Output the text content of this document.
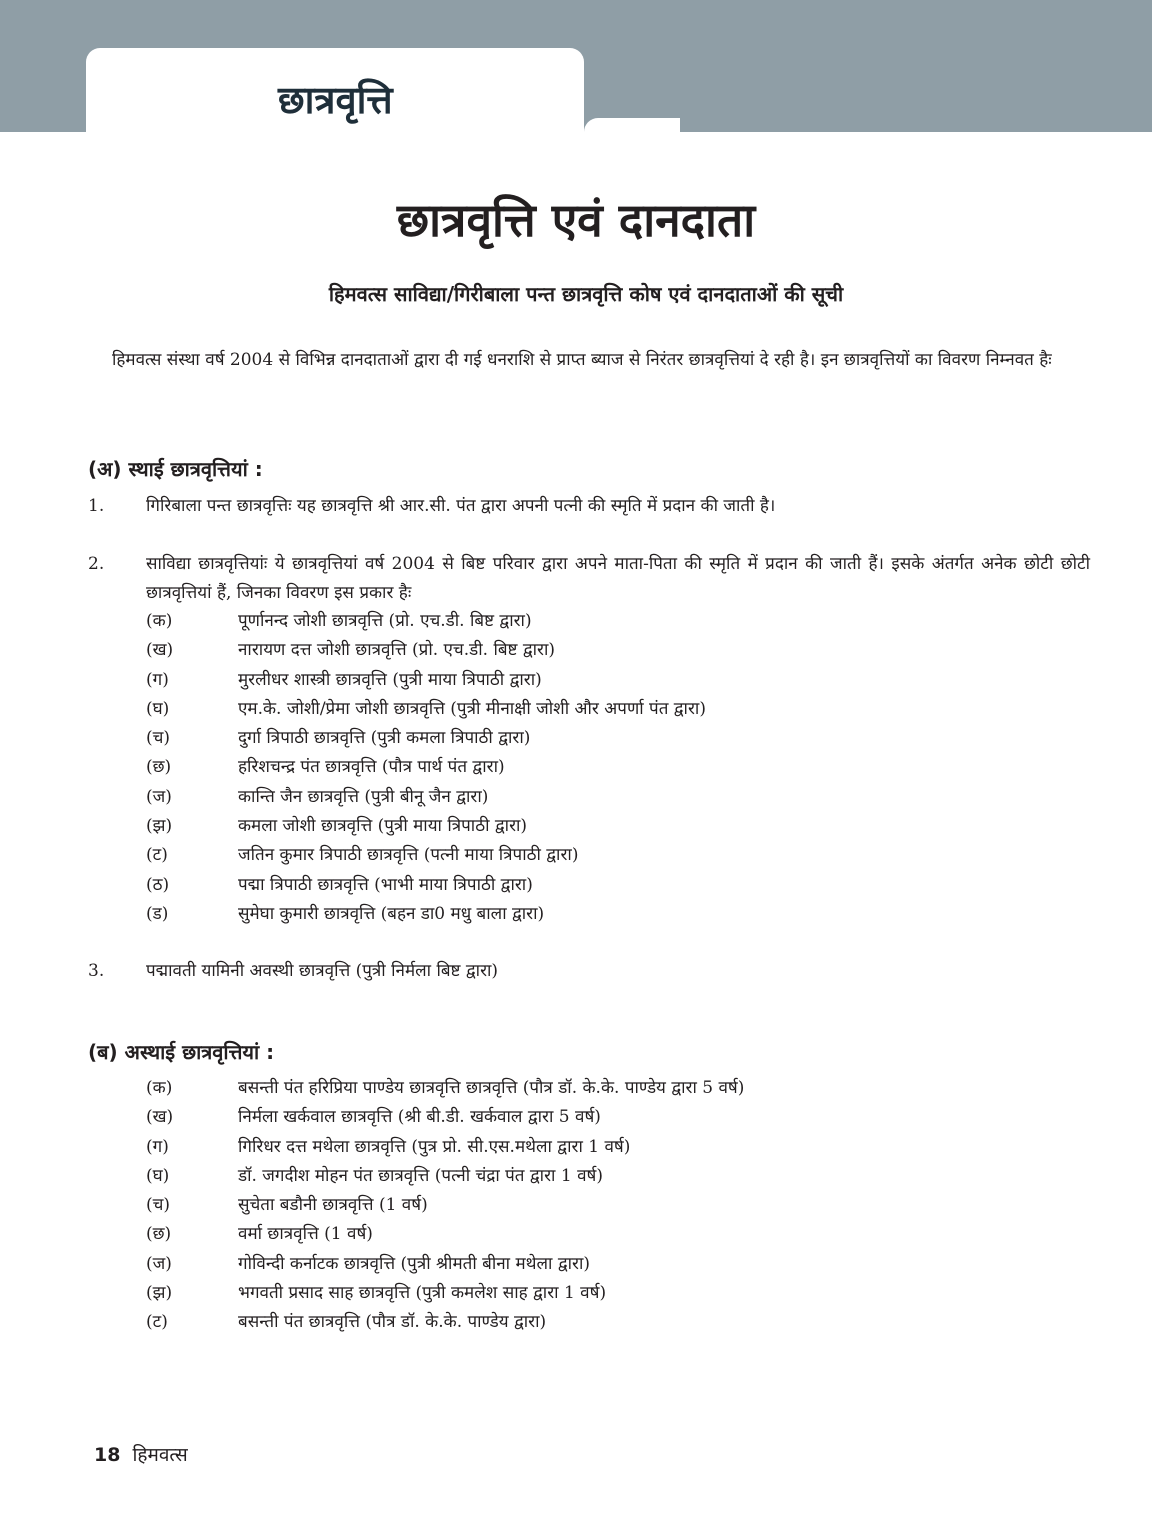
छात्रवृत्ति
छात्रवृत्ति एवं दानदाता
हिमवत्स साविद्या/गिरीबाला पन्त छात्रवृत्ति कोष एवं दानदाताओं की सूची

हिमवत्स संस्था वर्ष 2004 से विभिन्न दानदाताओं द्वारा दी गई धनराशि से प्राप्त ब्याज से निरंतर छात्रवृत्तियां दे रही है। इन छात्रवृत्तियों का विवरण निम्नवत हैः

(अ) स्थाई छात्रवृत्तियां :
1. गिरिबाला पन्त छात्रवृत्तिः यह छात्रवृत्ति श्री आर.सी. पंत द्वारा अपनी पत्नी की स्मृति में प्रदान की जाती है।
2. साविद्या छात्रवृत्तियांः ये छात्रवृत्तियां वर्ष 2004 से बिष्ट परिवार द्वारा अपने माता-पिता की स्मृति में प्रदान की जाती हैं। इसके अंतर्गत अनेक छोटी छोटी छात्रवृत्तियां हैं, जिनका विवरण इस प्रकार हैः
(क)	पूर्णानन्द जोशी छात्रवृत्ति (प्रो. एच.डी. बिष्ट द्वारा)
(ख)	नारायण दत्त जोशी छात्रवृत्ति (प्रो. एच.डी. बिष्ट द्वारा)
(ग)	मुरलीधर शास्त्री छात्रवृत्ति (पुत्री माया त्रिपाठी द्वारा)
(घ)	एम.के. जोशी/प्रेमा जोशी छात्रवृत्ति (पुत्री मीनाक्षी जोशी और अपर्णा पंत द्वारा)
(च)	दुर्गा त्रिपाठी छात्रवृत्ति (पुत्री कमला त्रिपाठी द्वारा)
(छ)	हरिशचन्द्र पंत छात्रवृत्ति (पौत्र पार्थ पंत द्वारा)
(ज)	कान्ति जैन छात्रवृत्ति (पुत्री बीनू जैन द्वारा)
(झ)	कमला जोशी छात्रवृत्ति (पुत्री माया त्रिपाठी द्वारा)
(ट)	जतिन कुमार त्रिपाठी छात्रवृत्ति (पत्नी माया त्रिपाठी द्वारा)
(ठ)	पद्मा त्रिपाठी छात्रवृत्ति (भाभी माया त्रिपाठी द्वारा)
(ड)	सुमेघा कुमारी छात्रवृत्ति (बहन डा0 मधु बाला द्वारा)
3. पद्मावती यामिनी अवस्थी छात्रवृत्ति (पुत्री निर्मला बिष्ट द्वारा)
(ब) अस्थाई छात्रवृत्तियां :
(क)	बसन्ती पंत हरिप्रिया पाण्डेय छात्रवृत्ति छात्रवृत्ति (पौत्र डॉ. के.के. पाण्डेय द्वारा 5 वर्ष)
(ख)	निर्मला खर्कवाल छात्रवृत्ति (श्री बी.डी. खर्कवाल द्वारा 5 वर्ष)
(ग)	गिरिधर दत्त मथेला छात्रवृत्ति (पुत्र प्रो. सी.एस.मथेला द्वारा 1 वर्ष)
(घ)	डॉ. जगदीश मोहन पंत छात्रवृत्ति (पत्नी चंद्रा पंत द्वारा 1 वर्ष)
(च)	सुचेता बडौनी छात्रवृत्ति (1 वर्ष)
(छ)	वर्मा छात्रवृत्ति (1 वर्ष)
(ज)	गोविन्दी कर्नाटक छात्रवृत्ति (पुत्री श्रीमती बीना मथेला द्वारा)
(झ)	भगवती प्रसाद साह छात्रवृत्ति (पुत्री कमलेश साह द्वारा 1 वर्ष)
(ट)	बसन्ती पंत छात्रवृत्ति (पौत्र डॉ. के.के. पाण्डेय द्वारा)
18 हिमवत्स
